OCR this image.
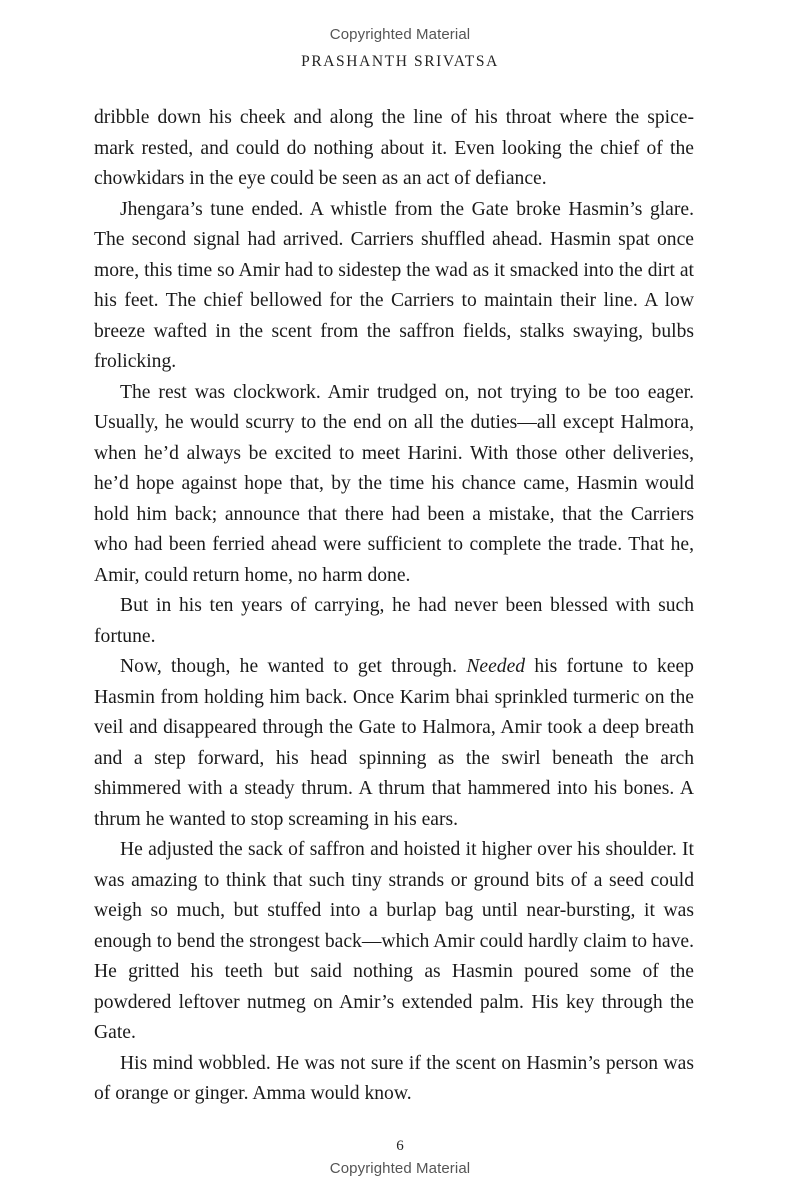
Copyrighted Material
PRASHANTH SRIVATSA

dribble down his cheek and along the line of his throat where the spice-mark rested, and could do nothing about it. Even looking the chief of the chowkidars in the eye could be seen as an act of defiance.

Jhengara’s tune ended. A whistle from the Gate broke Hasmin’s glare. The second signal had arrived. Carriers shuffled ahead. Hasmin spat once more, this time so Amir had to sidestep the wad as it smacked into the dirt at his feet. The chief bellowed for the Carriers to maintain their line. A low breeze wafted in the scent from the saffron fields, stalks swaying, bulbs frolicking.

The rest was clockwork. Amir trudged on, not trying to be too eager. Usually, he would scurry to the end on all the duties—all except Halmora, when he’d always be excited to meet Harini. With those other deliveries, he’d hope against hope that, by the time his chance came, Hasmin would hold him back; announce that there had been a mistake, that the Carriers who had been ferried ahead were sufficient to complete the trade. That he, Amir, could return home, no harm done.

But in his ten years of carrying, he had never been blessed with such fortune.

Now, though, he wanted to get through. Needed his fortune to keep Hasmin from holding him back. Once Karim bhai sprinkled turmeric on the veil and disappeared through the Gate to Halmora, Amir took a deep breath and a step forward, his head spinning as the swirl beneath the arch shimmered with a steady thrum. A thrum that hammered into his bones. A thrum he wanted to stop screaming in his ears.

He adjusted the sack of saffron and hoisted it higher over his shoulder. It was amazing to think that such tiny strands or ground bits of a seed could weigh so much, but stuffed into a burlap bag until near-bursting, it was enough to bend the strongest back—which Amir could hardly claim to have. He gritted his teeth but said nothing as Hasmin poured some of the powdered leftover nutmeg on Amir’s extended palm. His key through the Gate.

His mind wobbled. He was not sure if the scent on Hasmin’s person was of orange or ginger. Amma would know.

6
Copyrighted Material
